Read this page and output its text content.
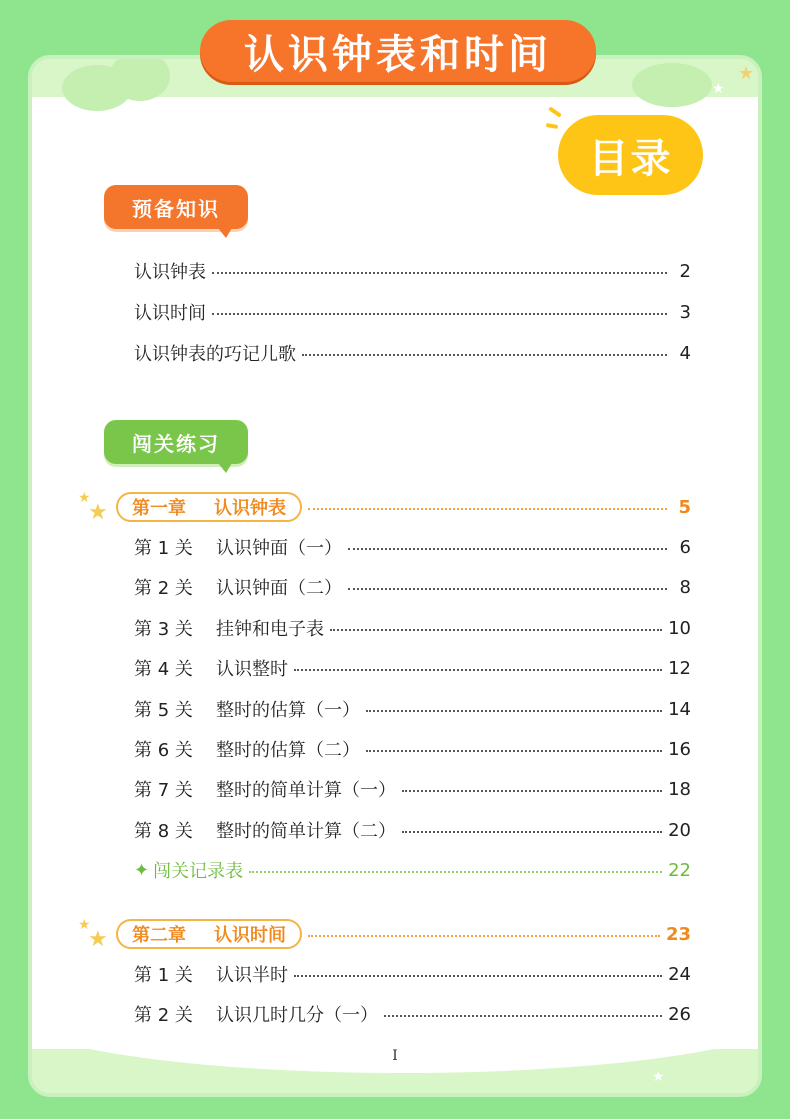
认识钟表和时间	★
★
★
目录
预备知识
认识钟表	2
认识时间	3
认识钟表的巧记儿歌	4
闯关练习
★
★ 第一章 认识钟表	5
第 1 关	认识钟面（一）	6
第 2 关	认识钟面（二）	8
第 3 关	挂钟和电子表	10
第 4 关	认识整时	12
第 5 关	整时的估算（一）	14
第 6 关	整时的估算（二）	16
第 7 关	整时的简单计算（一）	18
第 8 关	整时的简单计算（二）	20
✦ 闯关记录表	22
★
★ 第二章 认识时间	23
第 1 关	认识半时	24
第 2 关	认识几时几分（一）	26
I
